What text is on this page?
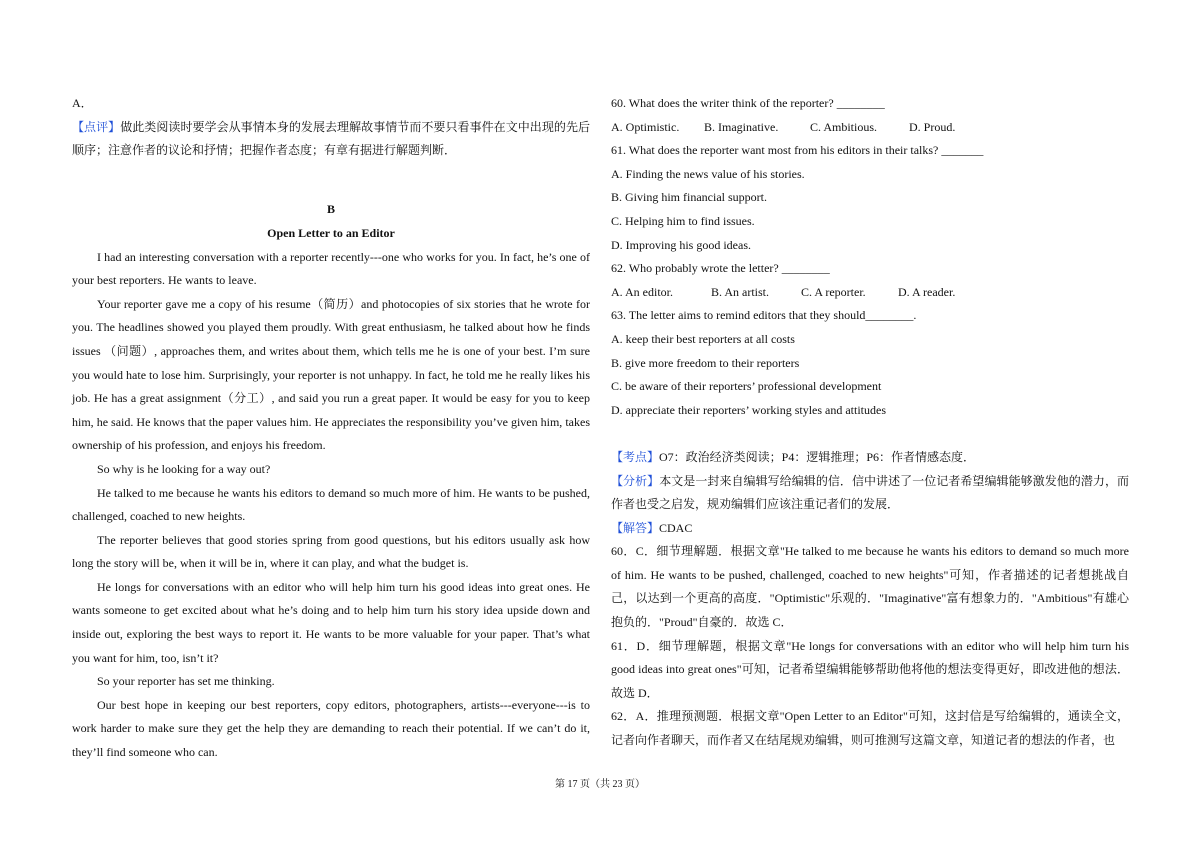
A．

【点评】做此类阅读时要学会从事情本身的发展去理解故事情节而不要只看事件在文中出现的先后顺序；注意作者的议论和抒情；把握作者态度；有章有据进行解题判断．

B

Open Letter to an Editor

I had an interesting conversation with a reporter recently---one who works for you. In fact, he’s one of your best reporters. He wants to leave.

Your reporter gave me a copy of his resume（简历）and photocopies of six stories that he wrote for you. The headlines showed you played them proudly. With great enthusiasm, he talked about how he finds issues （问题）, approaches them, and writes about them, which tells me he is one of your best. I’m sure you would hate to lose him. Surprisingly, your reporter is not unhappy. In fact, he told me he really likes his job. He has a great assignment（分工）, and said you run a great paper. It would be easy for you to keep him, he said. He knows that the paper values him. He appreciates the responsibility you’ve given him, takes ownership of his profession, and enjoys his freedom.

So why is he looking for a way out?

He talked to me because he wants his editors to demand so much more of him. He wants to be pushed, challenged, coached to new heights.

The reporter believes that good stories spring from good questions, but his editors usually ask how long the story will be, when it will be in, where it can play, and what the budget is.

He longs for conversations with an editor who will help him turn his good ideas into great ones. He wants someone to get excited about what he’s doing and to help him turn his story idea upside down and inside out, exploring the best ways to report it. He wants to be more valuable for your paper. That’s what you want for him, too, isn’t it?

So your reporter has set me thinking.

Our best hope in keeping our best reporters, copy editors, photographers, artists---everyone---is to work harder to make sure they get the help they are demanding to reach their potential. If we can’t do it, they’ll find someone who can.

60. What does the writer think of the reporter? ________

A. Optimistic.	B. Imaginative.	C. Ambitious.	D. Proud.

61. What does the reporter want most from his editors in their talks? _______

A. Finding the news value of his stories.

B. Giving him financial support.

C. Helping him to find issues.

D. Improving his good ideas.

62. Who probably wrote the letter? ________

A. An editor.	B. An artist.	C. A reporter.	D. A reader.

63. The letter aims to remind editors that they should________.

A. keep their best reporters at all costs

B. give more freedom to their reporters

C. be aware of their reporters’ professional development

D. appreciate their reporters’ working styles and attitudes

【考点】O7：政治经济类阅读；P4：逻辑推理；P6：作者情感态度．

【分析】本文是一封来自编辑写给编辑的信．信中讲述了一位记者希望编辑能够激发他的潜力，而作者也受之启发，规劝编辑们应该注重记者们的发展．

【解答】CDAC

60．C．细节理解题．根据文章"He talked to me because he wants his editors to demand so much more of him. He wants to be pushed, challenged, coached to new heights"可知，作者描述的记者想挑战自己，以达到一个更高的高度．"Optimistic"乐观的．"Imaginative"富有想象力的．"Ambitious"有雄心抱负的．"Proud"自豪的．故选 C．

61．D．细节理解题，根据文章"He longs for conversations with an editor who will help him turn his good ideas into great ones"可知，记者希望编辑能够帮助他将他的想法变得更好，即改进他的想法．故选 D．

62．A．推理预测题．根据文章"Open Letter to an Editor"可知，这封信是写给编辑的，通读全文，记者向作者聊天，而作者又在结尾规劝编辑，则可推测写这篇文章，知道记者的想法的作者，也

第 17 页（共 23 页）
